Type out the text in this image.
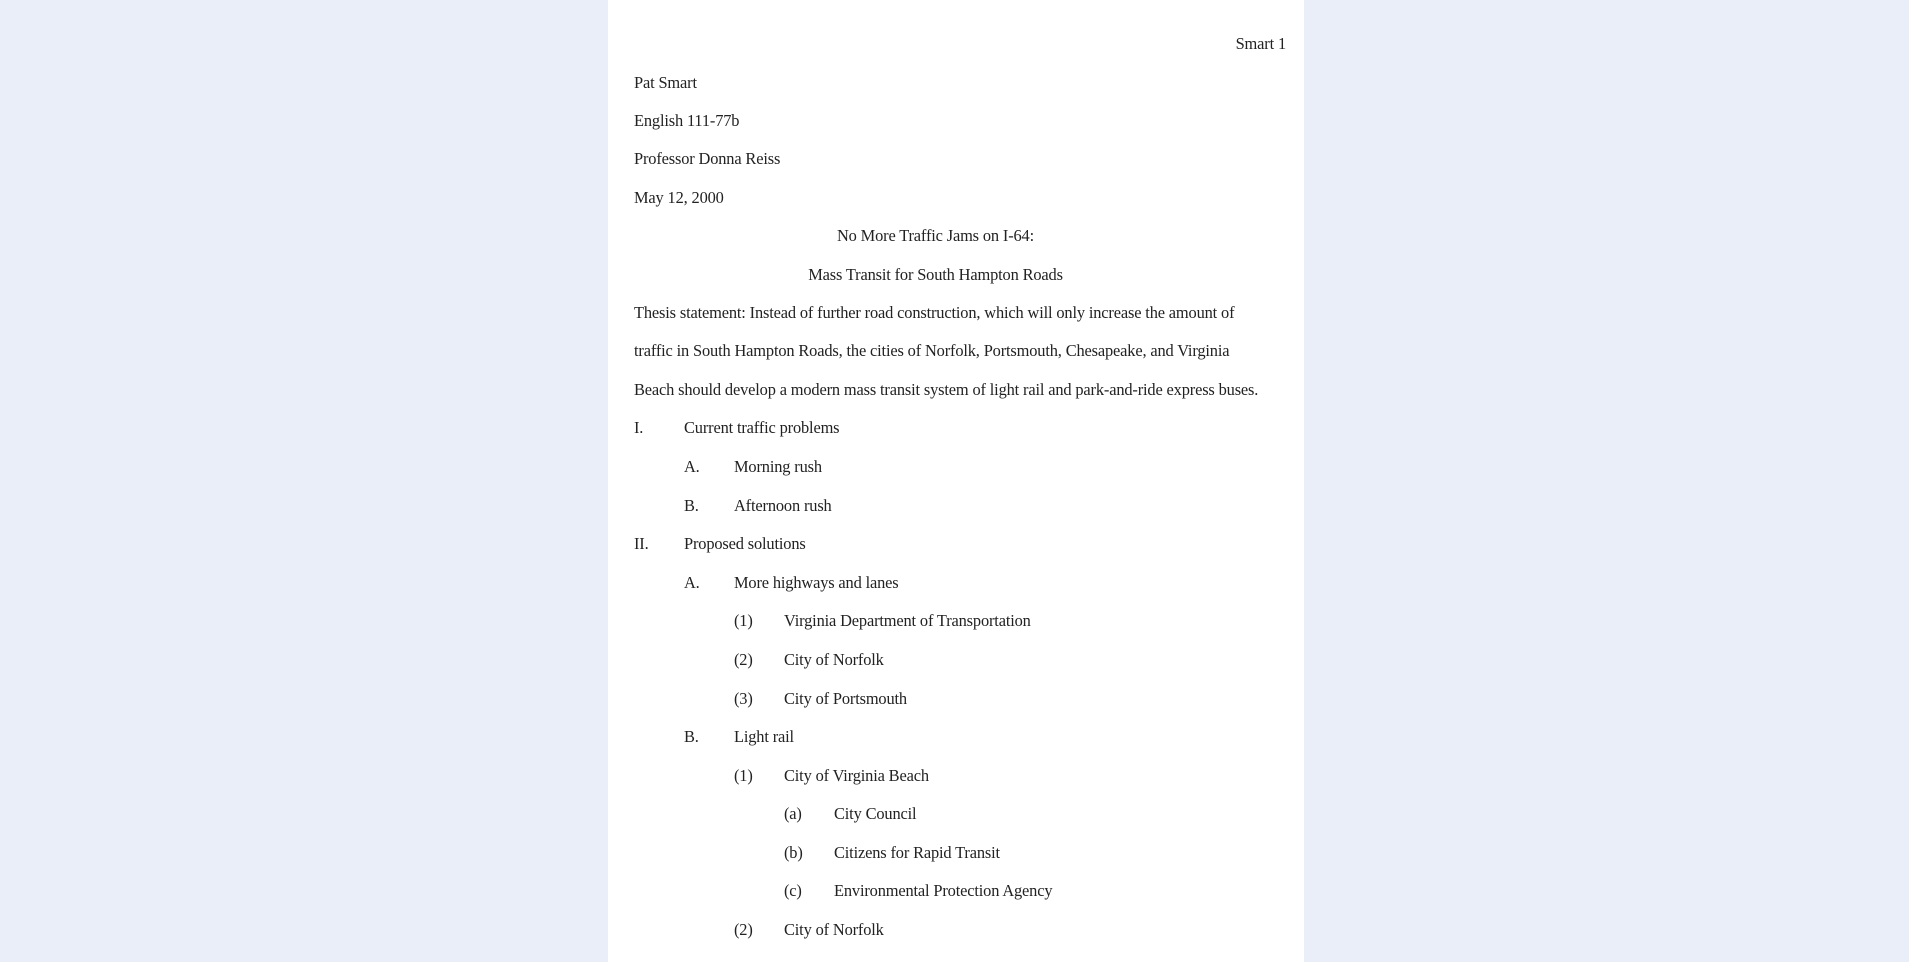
Smart 1
Pat Smart
English 111-77b
Professor Donna Reiss
May 12, 2000
No More Traffic Jams on I-64:
Mass Transit for South Hampton Roads
Thesis statement: Instead of further road construction, which will only increase the amount of
traffic in South Hampton Roads, the cities of Norfolk, Portsmouth, Chesapeake, and Virginia
Beach should develop a modern mass transit system of light rail and park-and-ride express buses.
I. Current traffic problems
A. Morning rush
B. Afternoon rush
II. Proposed solutions
A. More highways and lanes
(1) Virginia Department of Transportation
(2) City of Norfolk
(3) City of Portsmouth
B. Light rail
(1) City of Virginia Beach
(a) City Council
(b) Citizens for Rapid Transit
(c) Environmental Protection Agency
(2) City of Norfolk
